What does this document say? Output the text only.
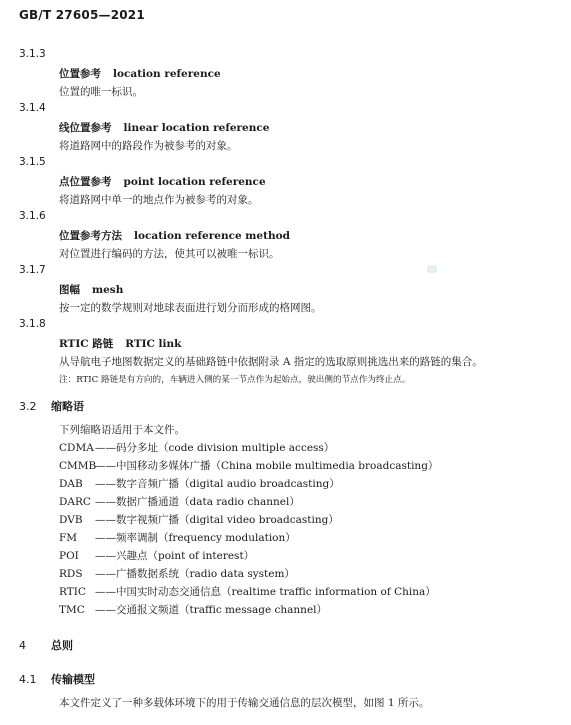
GB/T 27605—2021
3.1.3
位置参考 location reference
位置的唯一标识。
3.1.4
线位置参考 linear location reference
将道路网中的路段作为被参考的对象。
3.1.5
点位置参考 point location reference
将道路网中单一的地点作为被参考的对象。
3.1.6
位置参考方法 location reference method
对位置进行编码的方法，使其可以被唯一标识。
3.1.7
图幅 mesh
按一定的数学规则对地球表面进行划分而形成的格网图。
3.1.8
RTIC 路链 RTIC link
从导航电子地图数据定义的基础路链中依据附录 A 指定的选取原则挑选出来的路链的集合。
注：RTIC 路链是有方向的，车辆进入侧的某一节点作为起始点，驶出侧的节点作为终止点。
3.2 缩略语
下列缩略语适用于本文件。
CDMA——码分多址（code division multiple access）
CMMB——中国移动多媒体广播（China mobile multimedia broadcasting）
DAB ——数字音频广播（digital audio broadcasting）
DARC ——数据广播通道（data radio channel）
DVB ——数字视频广播（digital video broadcasting）
FM ——频率调制（frequency modulation）
POI ——兴趣点（point of interest）
RDS ——广播数据系统（radio data system）
RTIC ——中国实时动态交通信息（realtime traffic information of China）
TMC ——交通报文频道（traffic message channel）
4 总则
4.1 传输模型
本文件定义了一种多载体环境下的用于传输交通信息的层次模型，如图 1 所示。
